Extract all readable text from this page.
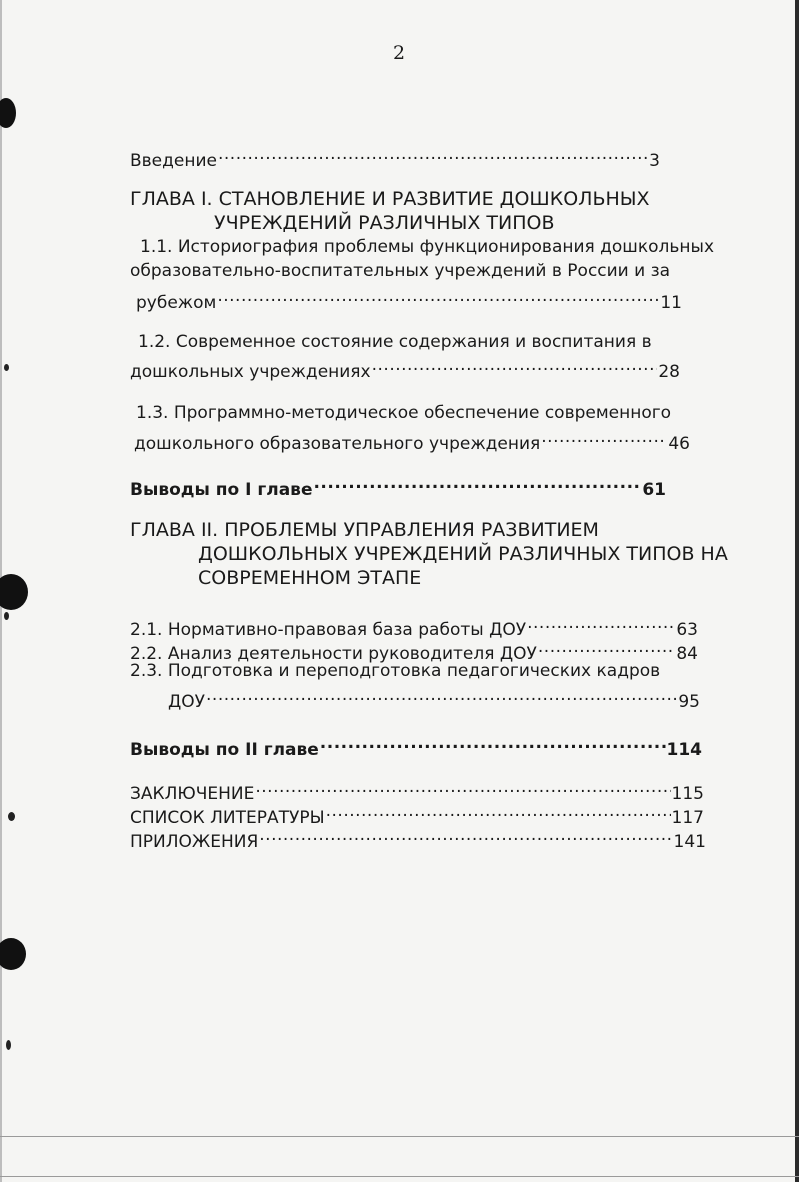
2
Введение .....	3
ГЛАВА I. СТАНОВЛЕНИЕ И РАЗВИТИЕ ДОШКОЛЬНЫХ
УЧРЕЖДЕНИЙ РАЗЛИЧНЫХ ТИПОВ
1.1. Историография проблемы функционирования дошкольных
образовательно-воспитательных учреждений в России и за
рубежом .....	11
1.2. Современное состояние содержания и воспитания в
дошкольных учреждениях .....	28
1.3. Программно-методическое обеспечение современного
дошкольного образовательного учреждения .....	46
Выводы по I главе .....	61
ГЛАВА II. ПРОБЛЕМЫ УПРАВЛЕНИЯ РАЗВИТИЕМ
ДОШКОЛЬНЫХ УЧРЕЖДЕНИЙ РАЗЛИЧНЫХ ТИПОВ НА
СОВРЕМЕННОМ ЭТАПЕ
2.1. Нормативно-правовая база работы ДОУ .....	63
2.2. Анализ деятельности руководителя ДОУ .....	84
2.3. Подготовка и переподготовка педагогических кадров
ДОУ .....	95
Выводы по II главе .....	114
ЗАКЛЮЧЕНИЕ .....	115
СПИСОК ЛИТЕРАТУРЫ .....	117
ПРИЛОЖЕНИЯ .....	141
